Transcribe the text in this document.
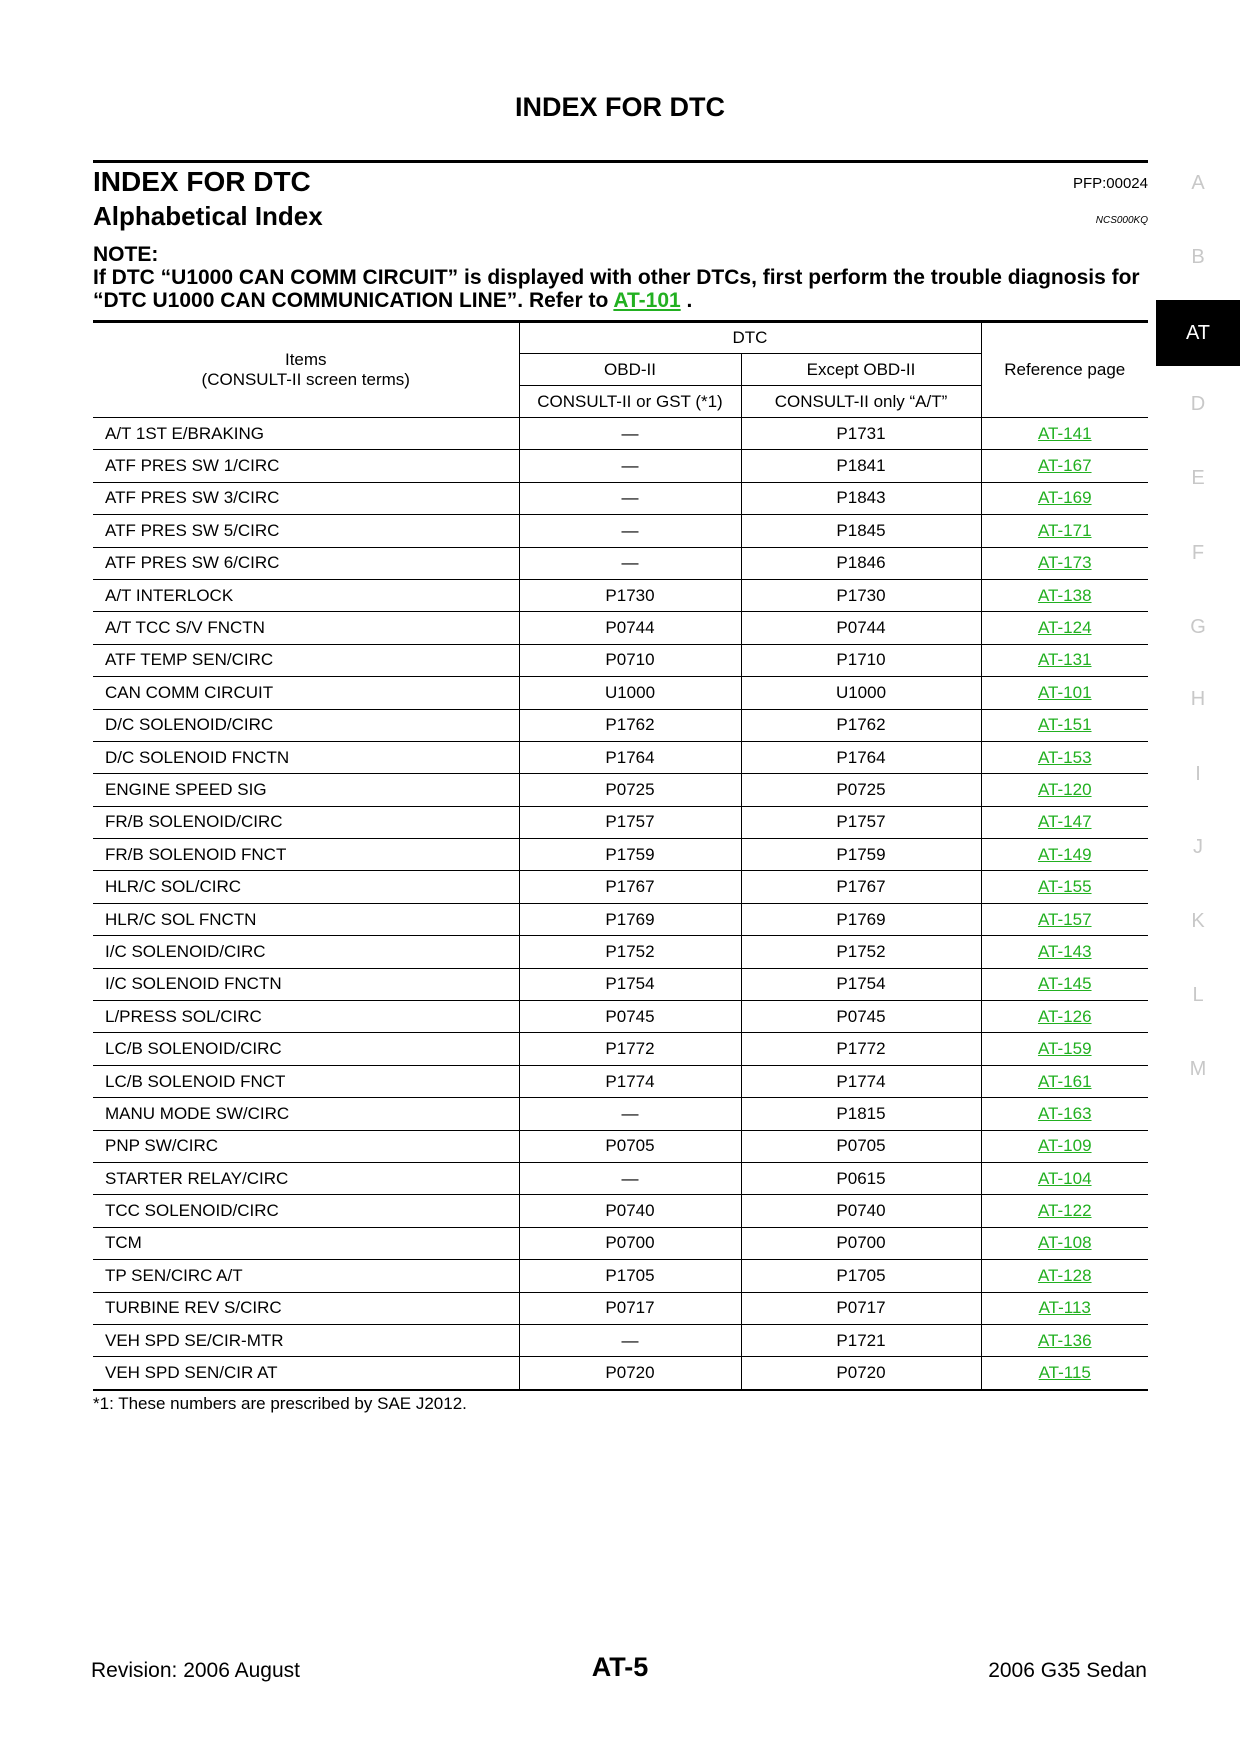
INDEX FOR DTC
INDEX FOR DTC	PFP:00024
Alphabetical Index	NCS000KQ
NOTE:
If DTC “U1000 CAN COMM CIRCUIT” is displayed with other DTCs, first perform the trouble diagnosis for “DTC U1000 CAN COMMUNICATION LINE”. Refer to AT-101 .
Items
(CONSULT-II screen terms)	DTC		Reference page
	OBD-II	Except OBD-II	
	CONSULT-II or GST (*1)	CONSULT-II only “A/T”	
A/T 1ST E/BRAKING	—	P1731	AT-141
ATF PRES SW 1/CIRC	—	P1841	AT-167
ATF PRES SW 3/CIRC	—	P1843	AT-169
ATF PRES SW 5/CIRC	—	P1845	AT-171
ATF PRES SW 6/CIRC	—	P1846	AT-173
A/T INTERLOCK	P1730	P1730	AT-138
A/T TCC S/V FNCTN	P0744	P0744	AT-124
ATF TEMP SEN/CIRC	P0710	P1710	AT-131
CAN COMM CIRCUIT	U1000	U1000	AT-101
D/C SOLENOID/CIRC	P1762	P1762	AT-151
D/C SOLENOID FNCTN	P1764	P1764	AT-153
ENGINE SPEED SIG	P0725	P0725	AT-120
FR/B SOLENOID/CIRC	P1757	P1757	AT-147
FR/B SOLENOID FNCT	P1759	P1759	AT-149
HLR/C SOL/CIRC	P1767	P1767	AT-155
HLR/C SOL FNCTN	P1769	P1769	AT-157
I/C SOLENOID/CIRC	P1752	P1752	AT-143
I/C SOLENOID FNCTN	P1754	P1754	AT-145
L/PRESS SOL/CIRC	P0745	P0745	AT-126
LC/B SOLENOID/CIRC	P1772	P1772	AT-159
LC/B SOLENOID FNCT	P1774	P1774	AT-161
MANU MODE SW/CIRC	—	P1815	AT-163
PNP SW/CIRC	P0705	P0705	AT-109
STARTER RELAY/CIRC	—	P0615	AT-104
TCC SOLENOID/CIRC	P0740	P0740	AT-122
TCM	P0700	P0700	AT-108
TP SEN/CIRC A/T	P1705	P1705	AT-128
TURBINE REV S/CIRC	P0717	P0717	AT-113
VEH SPD SE/CIR-MTR	—	P1721	AT-136
VEH SPD SEN/CIR AT	P0720	P0720	AT-115
*1: These numbers are prescribed by SAE J2012.
A
B
AT
D
E
F
G
H
I
J
K
L
M
Revision: 2006 August	AT-5	2006 G35 Sedan
